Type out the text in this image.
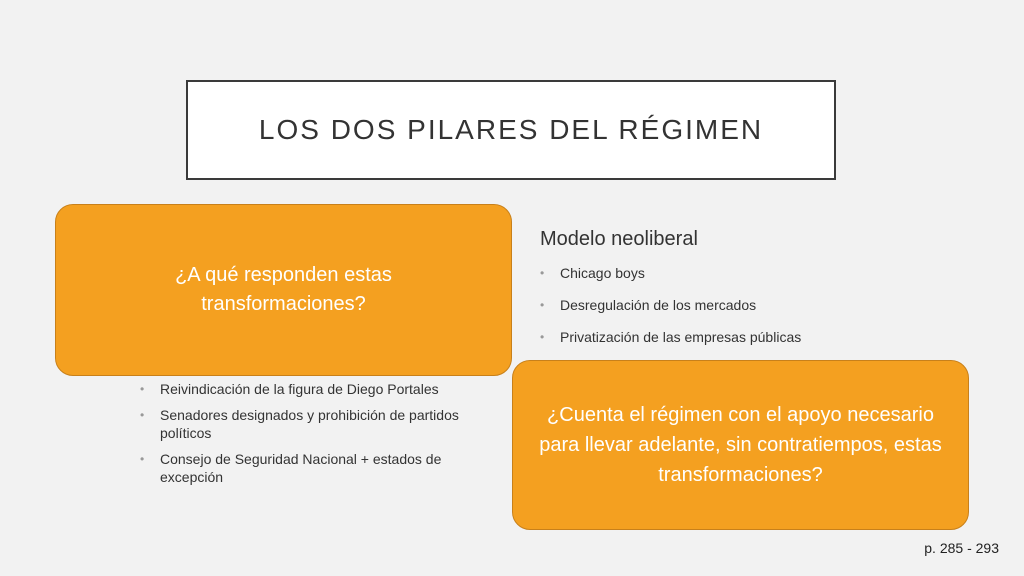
LOS DOS PILARES DEL RÉGIMEN
Modelo neoliberal
• Chicago boys
• Desregulación de los mercados
• Privatización de las empresas públicas
• Reivindicación de la figura de Diego Portales
• Senadores designados y prohibición de partidos políticos
• Consejo de Seguridad Nacional + estados de excepción
¿A qué responden estas transformaciones?
¿Cuenta el régimen con el apoyo necesario para llevar adelante, sin contratiempos, estas transformaciones?
p. 285 - 293
